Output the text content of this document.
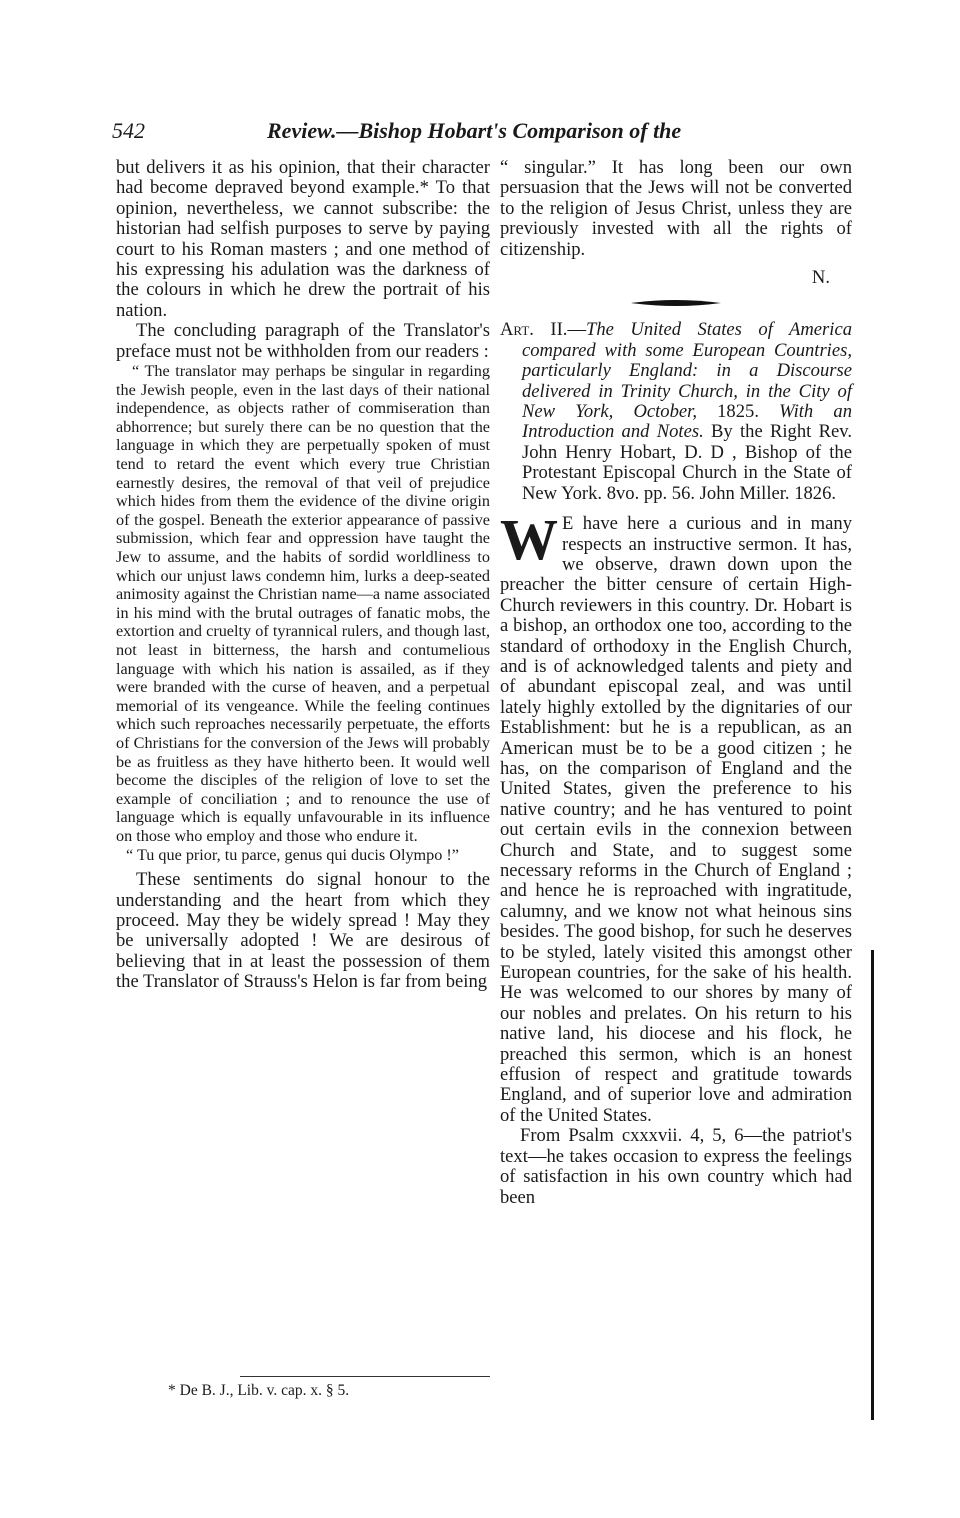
542	Review.—Bishop Hobart's Comparison of the

but delivers it as his opinion, that their character had become depraved beyond example.* To that opinion, nevertheless, we cannot subscribe: the historian had selfish purposes to serve by paying court to his Roman masters ; and one method of his expressing his adulation was the darkness of the colours in which he drew the portrait of his nation.

The concluding paragraph of the Translator's preface must not be withholden from our readers :

“ The translator may perhaps be singular in regarding the Jewish people, even in the last days of their national independence, as objects rather of commiseration than abhorrence; but surely there can be no question that the language in which they are perpetually spoken of must tend to retard the event which every true Christian earnestly desires, the removal of that veil of prejudice which hides from them the evidence of the divine origin of the gospel. Beneath the exterior appearance of passive submission, which fear and oppression have taught the Jew to assume, and the habits of sordid worldliness to which our unjust laws condemn him, lurks a deep-seated animosity against the Christian name—a name associated in his mind with the brutal outrages of fanatic mobs, the extortion and cruelty of tyrannical rulers, and though last, not least in bitterness, the harsh and contumelious language with which his nation is assailed, as if they were branded with the curse of heaven, and a perpetual memorial of its vengeance. While the feeling continues which such reproaches necessarily perpetuate, the efforts of Christians for the conversion of the Jews will probably be as fruitless as they have hitherto been. It would well become the disciples of the religion of love to set the example of conciliation ; and to renounce the use of language which is equally unfavourable in its influence on those who employ and those who endure it.

“ Tu que prior, tu parce, genus qui ducis Olympo !”

These sentiments do signal honour to the understanding and the heart from which they proceed. May they be widely spread ! May they be universally adopted ! We are desirous of believing that in at least the possession of them the Translator of Strauss's Helon is far from being

* De B. J., Lib. v. cap. x. § 5.

“ singular.” It has long been our own persuasion that the Jews will not be converted to the religion of Jesus Christ, unless they are previously invested with all the rights of citizenship.

N.

Art. II.—The United States of America compared with some European Countries, particularly England: in a Discourse delivered in Trinity Church, in the City of New York, October, 1825. With an Introduction and Notes. By the Right Rev. John Henry Hobart, D. D , Bishop of the Protestant Episcopal Church in the State of New York. 8vo. pp. 56. John Miller. 1826.

W E have here a curious and in many respects an instructive sermon. It has, we observe, drawn down upon the preacher the bitter censure of certain High-Church reviewers in this country. Dr. Hobart is a bishop, an orthodox one too, according to the standard of orthodoxy in the English Church, and is of acknowledged talents and piety and of abundant episcopal zeal, and was until lately highly extolled by the dignitaries of our Establishment: but he is a republican, as an American must be to be a good citizen ; he has, on the comparison of England and the United States, given the preference to his native country; and he has ventured to point out certain evils in the connexion between Church and State, and to suggest some necessary reforms in the Church of England ; and hence he is reproached with ingratitude, calumny, and we know not what heinous sins besides. The good bishop, for such he deserves to be styled, lately visited this amongst other European countries, for the sake of his health. He was welcomed to our shores by many of our nobles and prelates. On his return to his native land, his diocese and his flock, he preached this sermon, which is an honest effusion of respect and gratitude towards England, and of superior love and admiration of the United States.

From Psalm cxxxvii. 4, 5, 6—the patriot's text—he takes occasion to express the feelings of satisfaction in his own country which had been
